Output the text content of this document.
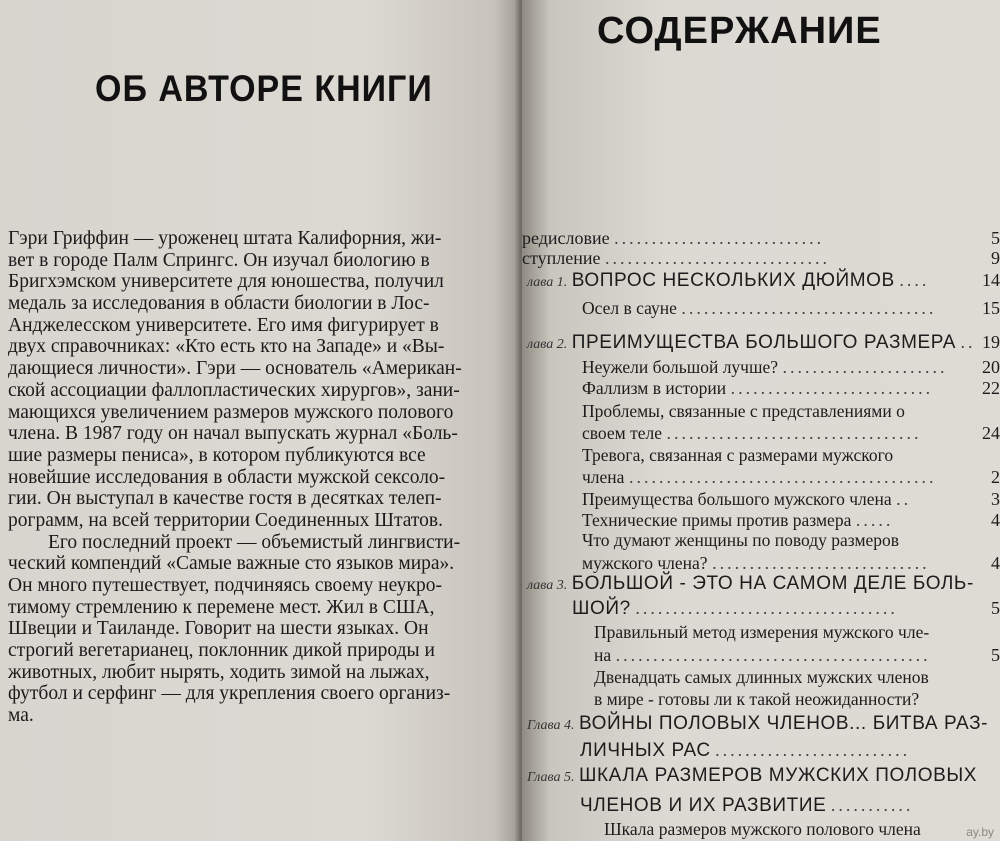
ОБ АВТОРЕ КНИГИ
Гэри Гриффин — уроженец штата Калифорния, жи-
вет в городе Палм Спрингс. Он изучал биологию в
Бригхэмском университете для юношества, получил
медаль за исследования в области биологии в Лос-
Анджелесском университете. Его имя фигурирует в
двух справочниках: «Кто есть кто на Западе» и «Вы-
дающиеся личности». Гэри — основатель «Американ-
ской ассоциации фаллопластических хирургов», зани-
мающихся увеличением размеров мужского полового
члена. В 1987 году он начал выпускать журнал «Боль-
шие размеры пениса», в котором публикуются все
новейшие исследования в области мужской сексоло-
гии. Он выступал в качестве гостя в десятках телеп-
рограмм, на всей территории Соединенных Штатов.
Его последний проект — объемистый лингвисти-
ческий компендий «Самые важные сто языков мира».
Он много путешествует, подчиняясь своему неукро-
тимому стремлению к перемене мест. Жил в США,
Швеции и Таиланде. Говорит на шести языках. Он
строгий вегетарианец, поклонник дикой природы и
животных, любит нырять, ходить зимой на лыжах,
футбол и серфинг — для укрепления своего организ-
ма.
СОДЕРЖАНИЕ
редисловие ............................	5
ступление ..............................	9
лава 1. ВОПРОС НЕСКОЛЬКИХ ДЮЙМОВ ....	14
Осел в сауне ..................................	15
лава 2. ПРЕИМУЩЕСТВА БОЛЬШОГО РАЗМЕРА .. 19
Неужели большой лучше? ...................... 20
Фаллизм в истории ...........................	22
Проблемы, связанные с представлениями о
своем теле ..................................	24
Тревога, связанная с размерами мужского
члена .........................................	2
Преимущества большого мужского члена ..	3
Технические примы против размера .....	4
Что думают женщины по поводу размеров
мужского члена? .............................	4
лава 3. БОЛЬШОЙ - ЭТО НА САМОМ ДЕЛЕ БОЛЬ-
ШОЙ? ...................................	5
Правильный метод измерения мужского чле-
на ..........................................	5
Двенадцать самых длинных мужских членов
в мире - готовы ли к такой неожиданности?
Глава 4. ВОЙНЫ ПОЛОВЫХ ЧЛЕНОВ... БИТВА РАЗ-
ЛИЧНЫХ РАС ..........................
Глава 5. ШКАЛА РАЗМЕРОВ МУЖСКИХ ПОЛОВЫХ
ЧЛЕНОВ И ИХ РАЗВИТИЕ ...........
Шкала размеров мужского полового члена	ay.by
